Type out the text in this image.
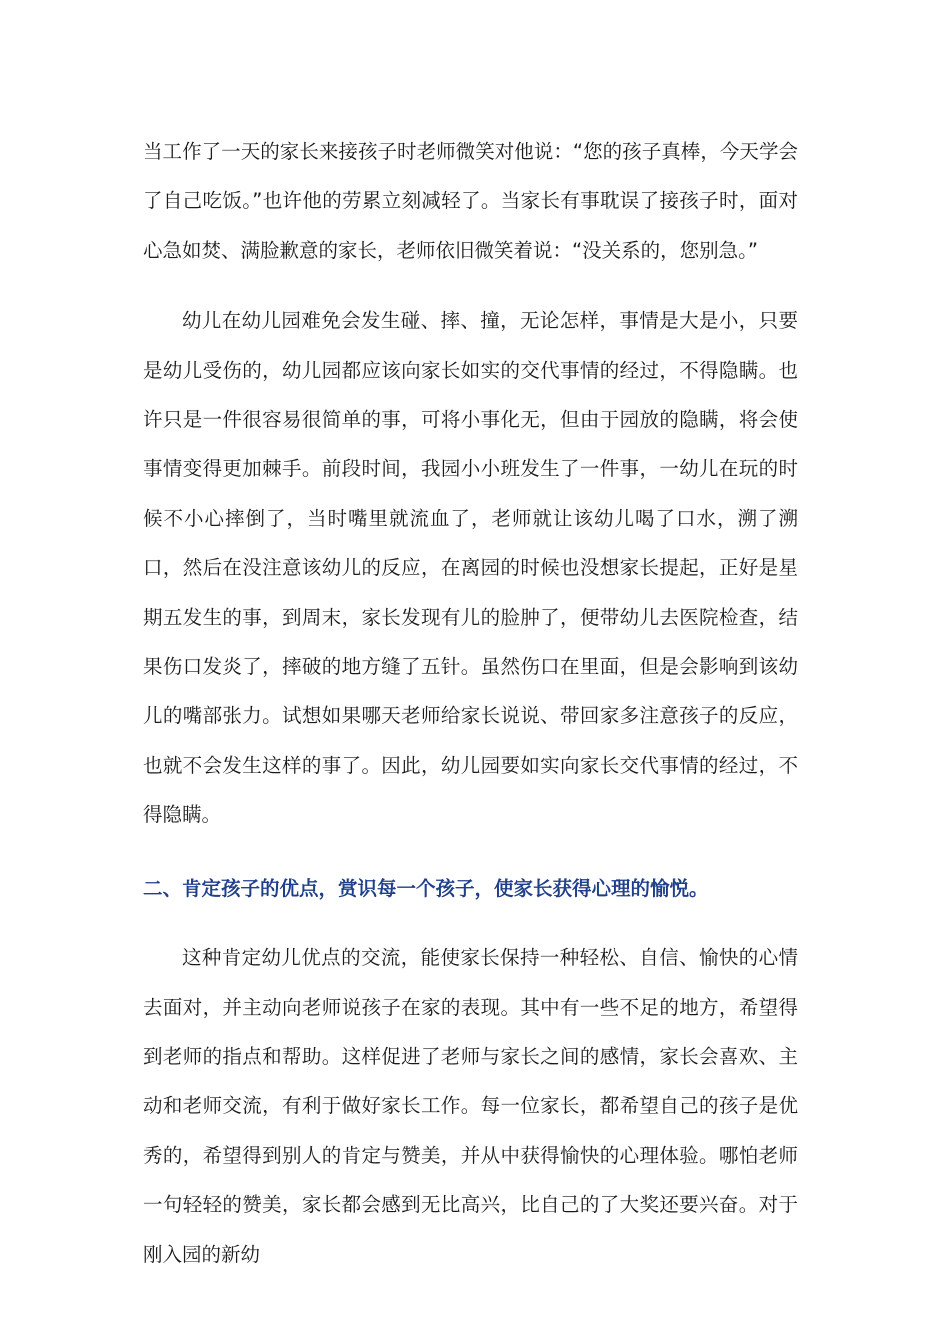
当工作了一天的家长来接孩子时老师微笑对他说：“您的孩子真棒，今天学会了自己吃饭。”也许他的劳累立刻减轻了。当家长有事耽误了接孩子时，面对心急如焚、满脸歉意的家长，老师依旧微笑着说：“没关系的，您别急。”

幼儿在幼儿园难免会发生碰、摔、撞，无论怎样，事情是大是小，只要是幼儿受伤的，幼儿园都应该向家长如实的交代事情的经过，不得隐瞒。也许只是一件很容易很简单的事，可将小事化无，但由于园放的隐瞒，将会使事情变得更加棘手。前段时间，我园小小班发生了一件事，一幼儿在玩的时候不小心摔倒了，当时嘴里就流血了，老师就让该幼儿喝了口水，溯了溯口，然后在没注意该幼儿的反应，在离园的时候也没想家长提起，正好是星期五发生的事，到周末，家长发现有儿的脸肿了，便带幼儿去医院检查，结果伤口发炎了，摔破的地方缝了五针。虽然伤口在里面，但是会影响到该幼儿的嘴部张力。试想如果哪天老师给家长说说、带回家多注意孩子的反应，也就不会发生这样的事了。因此，幼儿园要如实向家长交代事情的经过，不得隐瞒。

二、肯定孩子的优点，赏识每一个孩子，使家长获得心理的愉悦。

这种肯定幼儿优点的交流，能使家长保持一种轻松、自信、愉快的心情去面对，并主动向老师说孩子在家的表现。其中有一些不足的地方，希望得到老师的指点和帮助。这样促进了老师与家长之间的感情，家长会喜欢、主动和老师交流，有利于做好家长工作。每一位家长，都希望自己的孩子是优秀的，希望得到别人的肯定与赞美，并从中获得愉快的心理体验。哪怕老师一句轻轻的赞美，家长都会感到无比高兴，比自己的了大奖还要兴奋。对于刚入园的新幼
